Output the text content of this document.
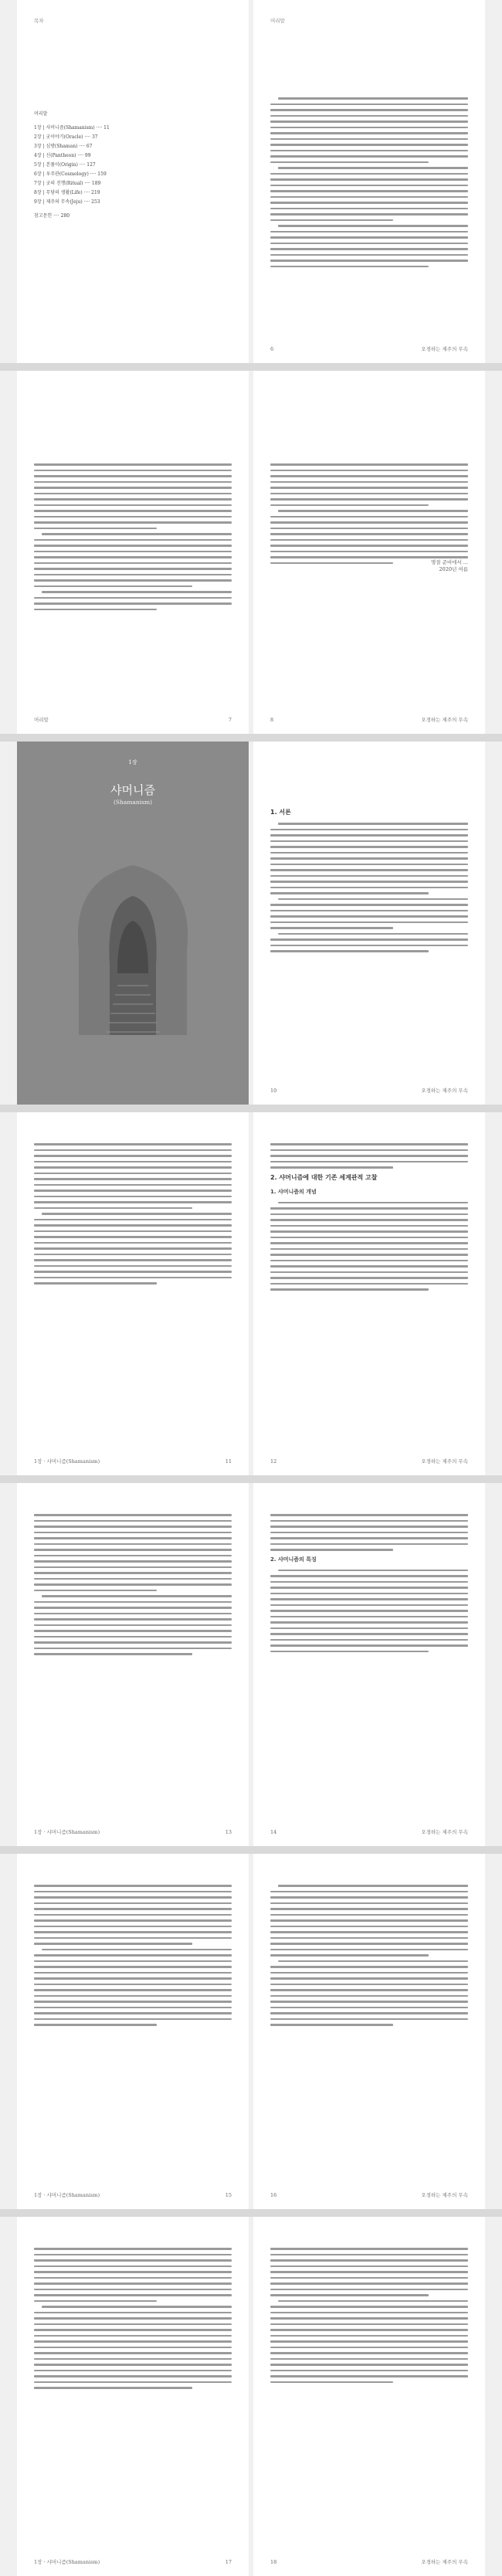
목차
머리말
1장 | 샤머니즘(Shamanism) ···· 11
2장 | 굿이야기(Oracle) ···· 37
3장 | 심방(Shaman) ···· 67
4장 | 신(Pantheon) ···· 99
5장 | 본풀이(Origin) ···· 127
6장 | 우주관(Cosmology) ···· 159
7장 | 굿의 진행(Ritual) ···· 189
8장 | 무당의 생활(Life) ···· 219
9장 | 제주의 무속(Jeju) ···· 253
참고문헌 ···· 280
머리말
6	오경하는 제주의 무속
머리말	7
명절 준비에서 ...
2020년 여름
8	오경하는 제주의 무속
1장
샤머니즘
(Shamanism)
1. 서론
10	오경하는 제주의 무속
1장 · 샤머니즘(Shamanism)	11
2. 샤머니즘에 대한 기존 세계관적 고찰
1. 샤머니즘의 개념
12	오경하는 제주의 무속
1장 · 샤머니즘(Shamanism)	13
2. 샤머니즘의 특징
14	오경하는 제주의 무속
1장 · 샤머니즘(Shamanism)	15	16	오경하는 제주의 무속
1장 · 샤머니즘(Shamanism)	17	18	오경하는 제주의 무속
